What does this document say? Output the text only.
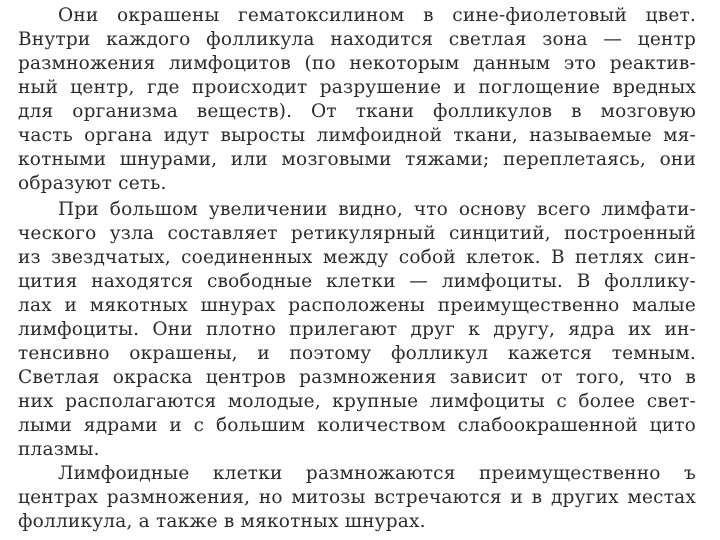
Они окрашены гематоксилином в сине-фиолетовый цвет.
Внутри каждого фолликула находится светлая зона — центр
размножения лимфоцитов (по некоторым данным это реактив-
ный центр, где происходит разрушение и поглощение вредных
для организма веществ). От ткани фолликулов в мозговую
часть органа идут выросты лимфоидной ткани, называемые мя-
котными шнурами, или мозговыми тяжами; переплетаясь, они
образуют сеть.
При большом увеличении видно, что основу всего лимфати-
ческого узла составляет ретикулярный синцитий, построенный
из звездчатых, соединенных между собой клеток. В петлях син-
цития находятся свободные клетки — лимфоциты. В фоллику-
лах и мякотных шнурах расположены преимущественно малые
лимфоциты. Они плотно прилегают друг к другу, ядра их ин-
тенсивно окрашены, и поэтому фолликул кажется темным.
Светлая окраска центров размножения зависит от того, что в
них располагаются молодые, крупные лимфоциты с более свет-
лыми ядрами и с большим количеством слабоокрашенной цито
плазмы.
Лимфоидные клетки размножаются преимущественно ъ
центрах размножения, но митозы встречаются и в других местах
фолликула, а также в мякотных шнурах.
